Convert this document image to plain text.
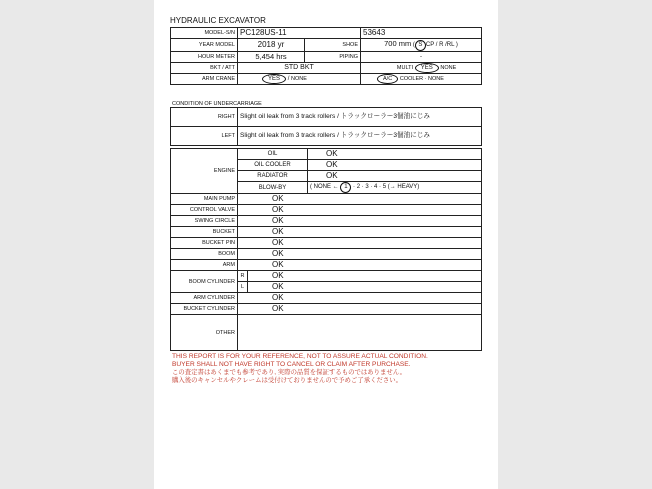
HYDRAULIC EXCAVATOR
MODEL-S/N	PC128US-11		53643
YEAR MODEL	2018 yr	SHOE	700 mm ( S CP / R /RL )
HOUR METER	5,454 hrs	PIPING	-
BKT / ATT	STD BKT		MULTI YES NONE
ARM CRANE	YES / NONE		A/C COOLER · NONE
CONDITION OF UNDERCARRIAGE
RIGHT	Slight oil leak from 3 track rollers / トラックローラー3個油にじみ
LEFT	Slight oil leak from 3 track rollers / トラックローラー3個油にじみ
ENGINE	OIL		OK
	OIL COOLER		OK
	RADIATOR		OK
	BLOW-BY		( NONE ← 1 · 2 · 3 · 4 · 5 (→ HEAVY)
MAIN PUMP	OK		
CONTROL VALVE	OK		
SWING CIRCLE	OK		
BUCKET	OK		
BUCKET PIN	OK		
BOOM	OK		
ARM	OK		
BOOM CYLINDER	R	OK	
	L	OK	
ARM CYLINDER	OK		
BUCKET CYLINDER	OK		
OTHER			
THIS REPORT IS FOR YOUR REFERENCE, NOT TO ASSURE ACTUAL CONDITION.
BUYER SHALL NOT HAVE RIGHT TO CANCEL OR CLAIM AFTER PURCHASE.
この査定書はあくまでも参考であり, 実際の品質を保証するものではありません。
購入後のキャンセルやクレームは受付けておりませんので予めご了承ください。
